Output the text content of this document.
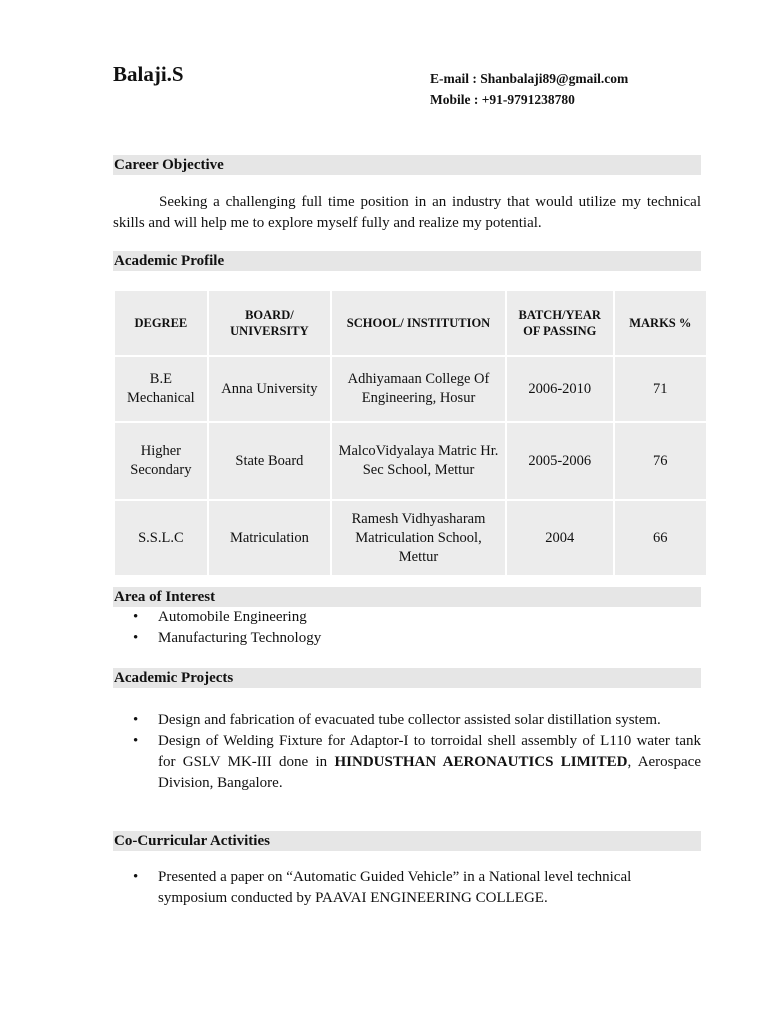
Balaji.S	E-mail : Shanbalaji89@gmail.com
Mobile : +91-9791238780
Career Objective
Seeking a challenging full time position in an industry that would utilize my technical skills and will help me to explore myself fully and realize my potential.
Academic Profile
DEGREE	BOARD/ UNIVERSITY	SCHOOL/ INSTITUTION	BATCH/YEAR OF PASSING	MARKS %
B.E Mechanical	Anna University	Adhiyamaan College Of Engineering, Hosur	2006-2010	71
Higher Secondary	State Board	MalcoVidyalaya Matric Hr. Sec School, Mettur	2005-2006	76
S.S.L.C	Matriculation	Ramesh Vidhyasharam Matriculation School, Mettur	2004	66
Area of Interest
• Automobile Engineering
• Manufacturing Technology
Academic Projects
• Design and fabrication of evacuated tube collector assisted solar distillation system.
• Design of Welding Fixture for Adaptor-I to torroidal shell assembly of L110 water tank for GSLV MK-III done in HINDUSTHAN AERONAUTICS LIMITED, Aerospace Division, Bangalore.
Co-Curricular Activities
• Presented a paper on “Automatic Guided Vehicle” in a National level technical symposium conducted by PAAVAI ENGINEERING COLLEGE.
